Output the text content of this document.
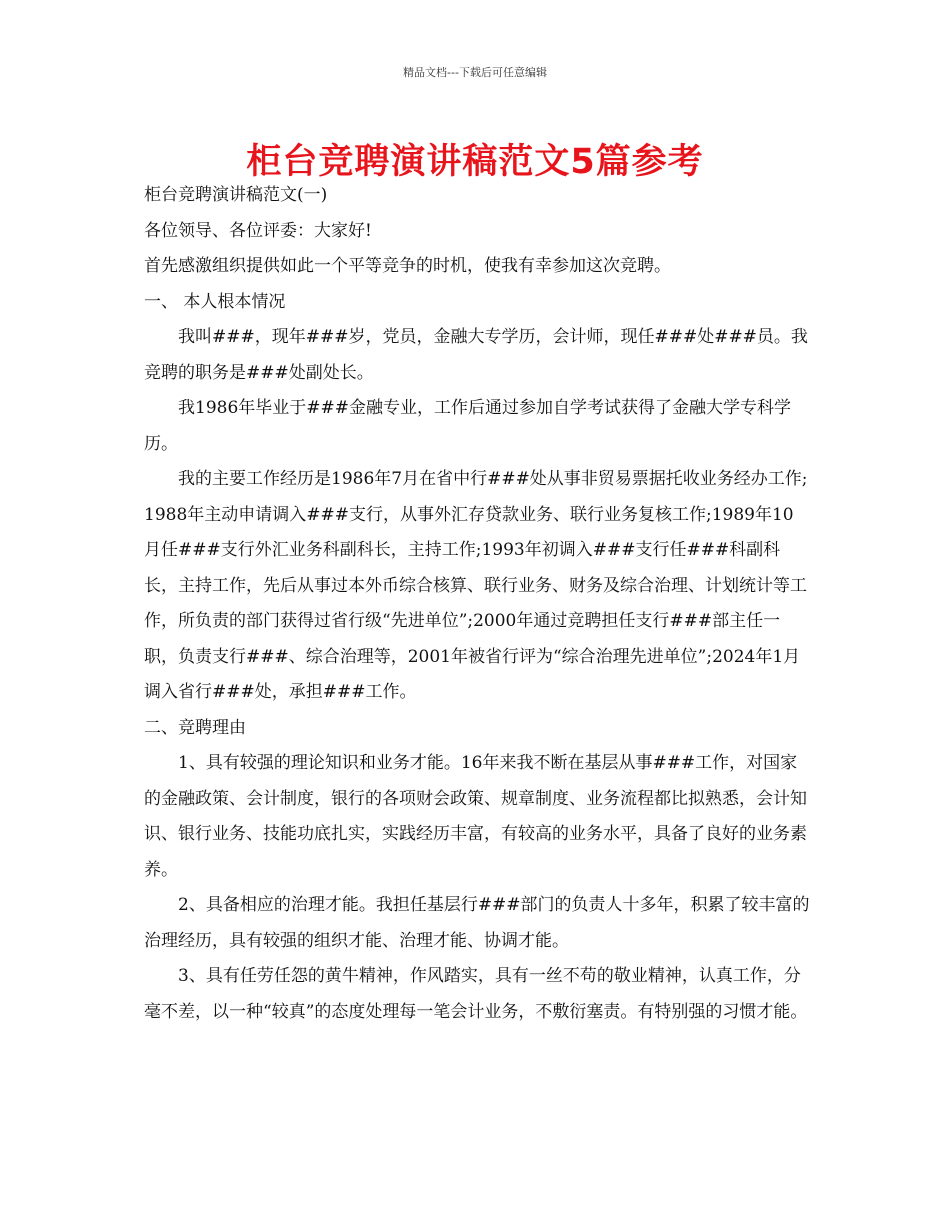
精品文档---下载后可任意编辑
柜台竞聘演讲稿范文5篇参考

柜台竞聘演讲稿范文(一)

各位领导、各位评委：大家好!

首先感激组织提供如此一个平等竞争的时机，使我有幸参加这次竞聘。

一、 本人根本情况

我叫###，现年###岁，党员，金融大专学历，会计师，现任###处###员。我竞聘的职务是###处副处长。

我1986年毕业于###金融专业，工作后通过参加自学考试获得了金融大学专科学历。

我的主要工作经历是1986年7月在省中行###处从事非贸易票据托收业务经办工作;1988年主动申请调入###支行，从事外汇存贷款业务、联行业务复核工作;1989年10月任###支行外汇业务科副科长，主持工作;1993年初调入###支行任###科副科长，主持工作，先后从事过本外币综合核算、联行业务、财务及综合治理、计划统计等工作，所负责的部门获得过省行级“先进单位”;2000年通过竞聘担任支行###部主任一职，负责支行###、综合治理等，2001年被省行评为“综合治理先进单位”;2024年1月调入省行###处，承担###工作。

二、竞聘理由

1、具有较强的理论知识和业务才能。16年来我不断在基层从事###工作，对国家的金融政策、会计制度，银行的各项财会政策、规章制度、业务流程都比拟熟悉，会计知识、银行业务、技能功底扎实，实践经历丰富，有较高的业务水平，具备了良好的业务素养。

2、具备相应的治理才能。我担任基层行###部门的负责人十多年，积累了较丰富的治理经历，具有较强的组织才能、治理才能、协调才能。

3、具有任劳任怨的黄牛精神，作风踏实，具有一丝不苟的敬业精神，认真工作，分毫不差，以一种“较真”的态度处理每一笔会计业务，不敷衍塞责。有特别强的习惯才能。
